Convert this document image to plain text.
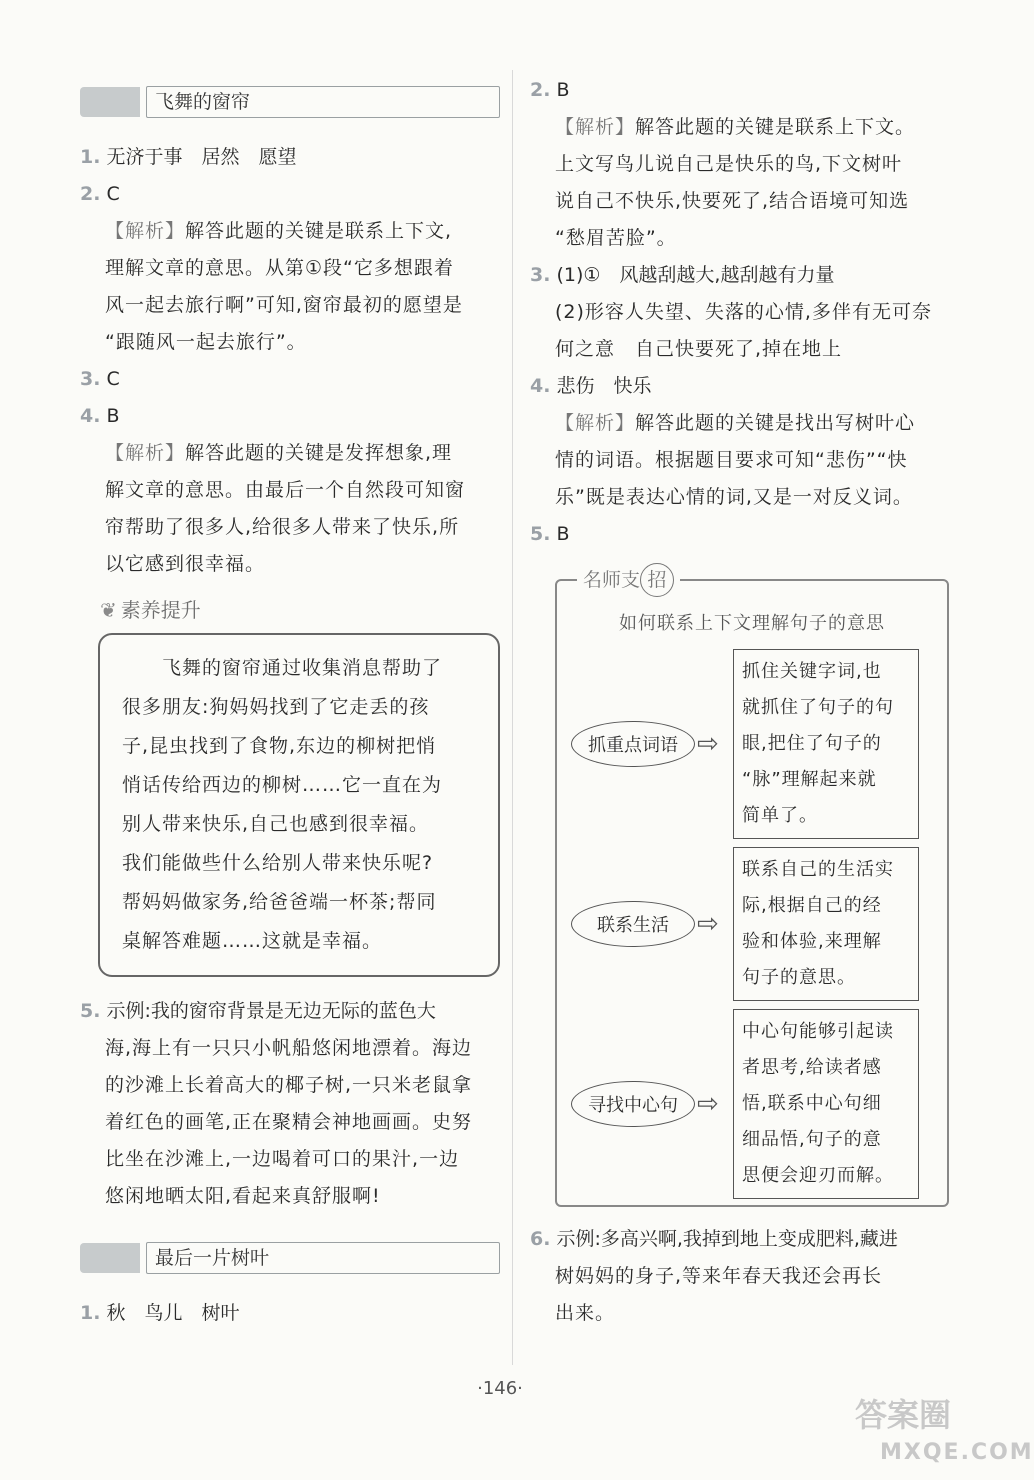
飞舞的窗帘
1. 无济于事　居然　愿望
2. C

【解析】解答此题的关键是联系上下文,

理解文章的意思。从第①段“它多想跟着

风一起去旅行啊”可知,窗帘最初的愿望是

“跟随风一起去旅行”。

3. C
4. B

【解析】解答此题的关键是发挥想象,理

解文章的意思。由最后一个自然段可知窗

帘帮助了很多人,给很多人带来了快乐,所

以它感到很幸福。

❦ 素养提升

　　飞舞的窗帘通过收集消息帮助了

很多朋友:狗妈妈找到了它走丢的孩

子,昆虫找到了食物,东边的柳树把悄

悄话传给西边的柳树……它一直在为

别人带来快乐,自己也感到很幸福。

我们能做些什么给别人带来快乐呢?

帮妈妈做家务,给爸爸端一杯茶;帮同

桌解答难题……这就是幸福。

5. 示例:我的窗帘背景是无边无际的蓝色大

海,海上有一只只小帆船悠闲地漂着。海边

的沙滩上长着高大的椰子树,一只米老鼠拿

着红色的画笔,正在聚精会神地画画。史努

比坐在沙滩上,一边喝着可口的果汁,一边

悠闲地晒太阳,看起来真舒服啊!

最后一片树叶
1. 秋　鸟儿　树叶
2. B

【解析】解答此题的关键是联系上下文。

上文写鸟儿说自己是快乐的鸟,下文树叶

说自己不快乐,快要死了,结合语境可知选

“愁眉苦脸”。

3. (1)①　风越刮越大,越刮越有力量

(2)形容人失望、失落的心情,多伴有无可奈

何之意　自己快要死了,掉在地上

4. 悲伤　快乐

【解析】解答此题的关键是找出写树叶心

情的词语。根据题目要求可知“悲伤”“快

乐”既是表达心情的词,又是一对反义词。

5. B
名师支 招
如何联系上下文理解句子的意思
抓重点词语 ⇨

抓住关键字词,也

就抓住了句子的句

眼,把住了句子的

“脉”理解起来就

简单了。

联系生活	⇨

联系自己的生活实

际,根据自己的经

验和体验,来理解

句子的意思。

寻找中心句 ⇨

中心句能够引起读

者思考,给读者感

悟,联系中心句细

细品悟,句子的意

思便会迎刃而解。

6. 示例:多高兴啊,我掉到地上变成肥料,藏进

树妈妈的身子,等来年春天我还会再长

出来。

·146·
答案圈
MXQE.COM
